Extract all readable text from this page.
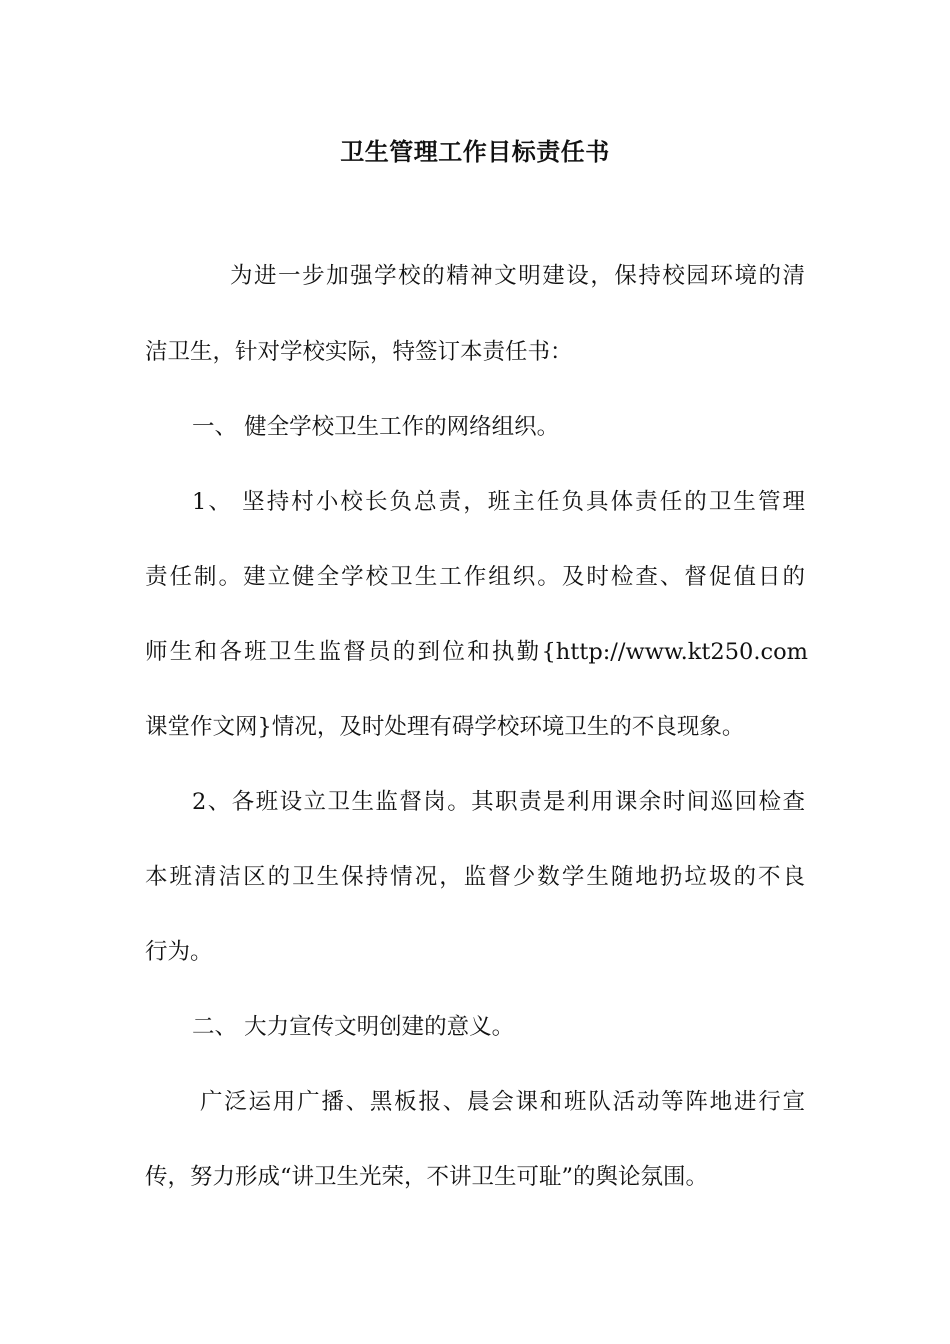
卫生管理工作目标责任书
为进一步加强学校的精神文明建设，保持校园环境的清
洁卫生，针对学校实际，特签订本责任书：
一、 健全学校卫生工作的网络组织。
1、 坚持村小校长负总责，班主任负具体责任的卫生管理
责任制。建立健全学校卫生工作组织。及时检查、督促值日的
师生和各班卫生监督员的到位和执勤{http://www.kt250.com
课堂作文网}情况，及时处理有碍学校环境卫生的不良现象。
2、各班设立卫生监督岗。其职责是利用课余时间巡回检查
本班清洁区的卫生保持情况，监督少数学生随地扔垃圾的不良
行为。
二、 大力宣传文明创建的意义。
广泛运用广播、黑板报、晨会课和班队活动等阵地进行宣
传，努力形成“讲卫生光荣，不讲卫生可耻”的舆论氛围。
